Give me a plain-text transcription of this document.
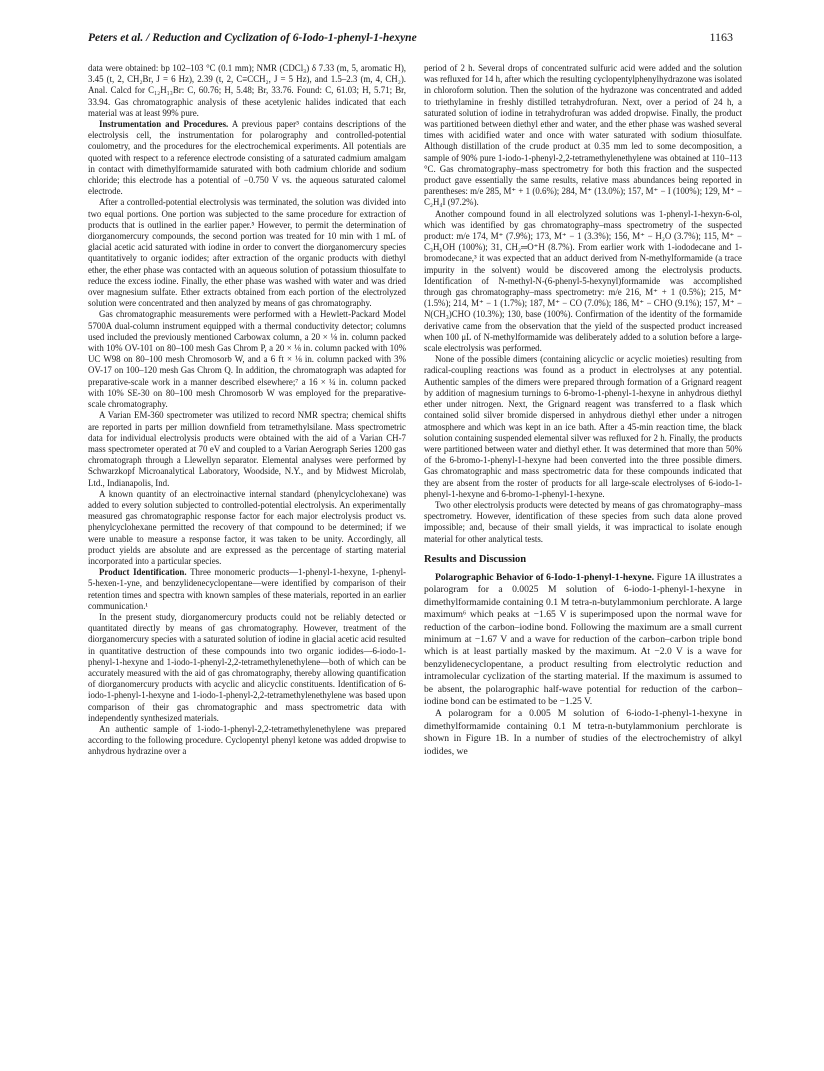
Peters et al. / Reduction and Cyclization of 6-Iodo-1-phenyl-1-hexyne	1163

data were obtained: bp 102–103 °C (0.1 mm); NMR (CDCl₃) δ 7.33 (m, 5, aromatic H), 3.45 (t, 2, CH₂Br, J = 6 Hz), 2.39 (t, 2, C≡CCH₂, J = 5 Hz), and 1.5–2.3 (m, 4, CH₂). Anal. Calcd for C₁₂H₁₃Br: C, 60.76; H, 5.48; Br, 33.76. Found: C, 61.03; H, 5.71; Br, 33.94. Gas chromatographic analysis of these acetylenic halides indicated that each material was at least 99% pure.

Instrumentation and Procedures. A previous paper⁵ contains descriptions of the electrolysis cell, the instrumentation for polarography and controlled-potential coulometry, and the procedures for the electrochemical experiments. All potentials are quoted with respect to a reference electrode consisting of a saturated cadmium amalgam in contact with dimethylformamide saturated with both cadmium chloride and sodium chloride; this electrode has a potential of −0.750 V vs. the aqueous saturated calomel electrode.

After a controlled-potential electrolysis was terminated, the solution was divided into two equal portions. One portion was subjected to the same procedure for extraction of products that is outlined in the earlier paper.⁵ However, to permit the determination of diorganomercury compounds, the second portion was treated for 10 min with 1 mL of glacial acetic acid saturated with iodine in order to convert the diorganomercury species quantitatively to organic iodides; after extraction of the organic products with diethyl ether, the ether phase was contacted with an aqueous solution of potassium thiosulfate to reduce the excess iodine. Finally, the ether phase was washed with water and was dried over magnesium sulfate. Ether extracts obtained from each portion of the electrolyzed solution were concentrated and then analyzed by means of gas chromatography.

Gas chromatographic measurements were performed with a Hewlett-Packard Model 5700A dual-column instrument equipped with a thermal conductivity detector; columns used included the previously mentioned Carbowax column, a 20 × ⅛ in. column packed with 10% OV-101 on 80–100 mesh Gas Chrom P, a 20 × ⅛ in. column packed with 10% UC W98 on 80–100 mesh Chromosorb W, and a 6 ft × ⅛ in. column packed with 3% OV-17 on 100–120 mesh Gas Chrom Q. In addition, the chromatograph was adapted for preparative-scale work in a manner described elsewhere;⁷ a 16 × ¼ in. column packed with 10% SE-30 on 80–100 mesh Chromosorb W was employed for the preparative-scale chromatography.

A Varian EM-360 spectrometer was utilized to record NMR spectra; chemical shifts are reported in parts per million downfield from tetramethylsilane. Mass spectrometric data for individual electrolysis products were obtained with the aid of a Varian CH-7 mass spectrometer operated at 70 eV and coupled to a Varian Aerograph Series 1200 gas chromatograph through a Llewellyn separator. Elemental analyses were performed by Schwarzkopf Microanalytical Laboratory, Woodside, N.Y., and by Midwest Microlab, Ltd., Indianapolis, Ind.

A known quantity of an electroinactive internal standard (phenylcyclohexane) was added to every solution subjected to controlled-potential electrolysis. An experimentally measured gas chromatographic response factor for each major electrolysis product vs. phenylcyclohexane permitted the recovery of that compound to be determined; if we were unable to measure a response factor, it was taken to be unity. Accordingly, all product yields are absolute and are expressed as the percentage of starting material incorporated into a particular species.

Product Identification. Three monomeric products—1-phenyl-1-hexyne, 1-phenyl-5-hexen-1-yne, and benzylidenecyclopentane—were identified by comparison of their retention times and spectra with known samples of these materials, reported in an earlier communication.¹

In the present study, diorganomercury products could not be reliably detected or quantitated directly by means of gas chromatography. However, treatment of the diorganomercury species with a saturated solution of iodine in glacial acetic acid resulted in quantitative destruction of these compounds into two organic iodides—6-iodo-1-phenyl-1-hexyne and 1-iodo-1-phenyl-2,2-tetramethylenethylene—both of which can be accurately measured with the aid of gas chromatography, thereby allowing quantification of diorganomercury products with acyclic and alicyclic constituents. Identification of 6-iodo-1-phenyl-1-hexyne and 1-iodo-1-phenyl-2,2-tetramethylenethylene was based upon comparison of their gas chromatographic and mass spectrometric data with independently synthesized materials.

An authentic sample of 1-iodo-1-phenyl-2,2-tetramethylenethylene was prepared according to the following procedure. Cyclopentyl phenyl ketone was added dropwise to anhydrous hydrazine over a

period of 2 h. Several drops of concentrated sulfuric acid were added and the solution was refluxed for 14 h, after which the resulting cyclopentylphenylhydrazone was isolated in chloroform solution. Then the solution of the hydrazone was concentrated and added to triethylamine in freshly distilled tetrahydrofuran. Next, over a period of 24 h, a saturated solution of iodine in tetrahydrofuran was added dropwise. Finally, the product was partitioned between diethyl ether and water, and the ether phase was washed several times with acidified water and once with water saturated with sodium thiosulfate. Although distillation of the crude product at 0.35 mm led to some decomposition, a sample of 90% pure 1-iodo-1-phenyl-2,2-tetramethylenethylene was obtained at 110–113 °C. Gas chromatography–mass spectrometry for both this fraction and the suspected product gave essentially the same results, relative mass abundances being reported in parentheses: m/e 285, M⁺ + 1 (0.6%); 284, M⁺ (13.0%); 157, M⁺ − I (100%); 129, M⁺ − C₂H₄I (97.2%).

Another compound found in all electrolyzed solutions was 1-phenyl-1-hexyn-6-ol, which was identified by gas chromatography–mass spectrometry of the suspected product: m/e 174, M⁺ (7.9%); 173, M⁺ − 1 (3.3%); 156, M⁺ − H₂O (3.7%); 115, M⁺ − C₃H₆OH (100%); 31, CH₂═O⁺H (8.7%). From earlier work with 1-iododecane and 1-bromodecane,³ it was expected that an adduct derived from N-methylformamide (a trace impurity in the solvent) would be discovered among the electrolysis products. Identification of N-methyl-N-(6-phenyl-5-hexynyl)formamide was accomplished through gas chromatography–mass spectrometry: m/e 216, M⁺ + 1 (0.5%); 215, M⁺ (1.5%); 214, M⁺ − 1 (1.7%); 187, M⁺ − CO (7.0%); 186, M⁺ − CHO (9.1%); 157, M⁺ − N(CH₃)CHO (10.3%); 130, base (100%). Confirmation of the identity of the formamide derivative came from the observation that the yield of the suspected product increased when 100 μL of N-methylformamide was deliberately added to a solution before a large-scale electrolysis was performed.

None of the possible dimers (containing alicyclic or acyclic moieties) resulting from radical-coupling reactions was found as a product in electrolyses at any potential. Authentic samples of the dimers were prepared through formation of a Grignard reagent by addition of magnesium turnings to 6-bromo-1-phenyl-1-hexyne in anhydrous diethyl ether under nitrogen. Next, the Grignard reagent was transferred to a flask which contained solid silver bromide dispersed in anhydrous diethyl ether under a nitrogen atmosphere and which was kept in an ice bath. After a 45-min reaction time, the black solution containing suspended elemental silver was refluxed for 2 h. Finally, the products were partitioned between water and diethyl ether. It was determined that more than 50% of the 6-bromo-1-phenyl-1-hexyne had been converted into the three possible dimers. Gas chromatographic and mass spectrometric data for these compounds indicated that they are absent from the roster of products for all large-scale electrolyses of 6-iodo-1-phenyl-1-hexyne and 6-bromo-1-phenyl-1-hexyne.

Two other electrolysis products were detected by means of gas chromatography–mass spectrometry. However, identification of these species from such data alone proved impossible; and, because of their small yields, it was impractical to isolate enough material for other analytical tests.

Results and Discussion

Polarographic Behavior of 6-Iodo-1-phenyl-1-hexyne. Figure 1A illustrates a polarogram for a 0.0025 M solution of 6-iodo-1-phenyl-1-hexyne in dimethylformamide containing 0.1 M tetra-n-butylammonium perchlorate. A large maximum⁶ which peaks at −1.65 V is superimposed upon the normal wave for reduction of the carbon–iodine bond. Following the maximum are a small current minimum at −1.67 V and a wave for reduction of the carbon–carbon triple bond which is at least partially masked by the maximum. At −2.0 V is a wave for benzylidenecyclopentane, a product resulting from electrolytic reduction and intramolecular cyclization of the starting material. If the maximum is assumed to be absent, the polarographic half-wave potential for reduction of the carbon–iodine bond can be estimated to be −1.25 V.

A polarogram for a 0.005 M solution of 6-iodo-1-phenyl-1-hexyne in dimethylformamide containing 0.1 M tetra-n-butylammonium perchlorate is shown in Figure 1B. In a number of studies of the electrochemistry of alkyl iodides, we
